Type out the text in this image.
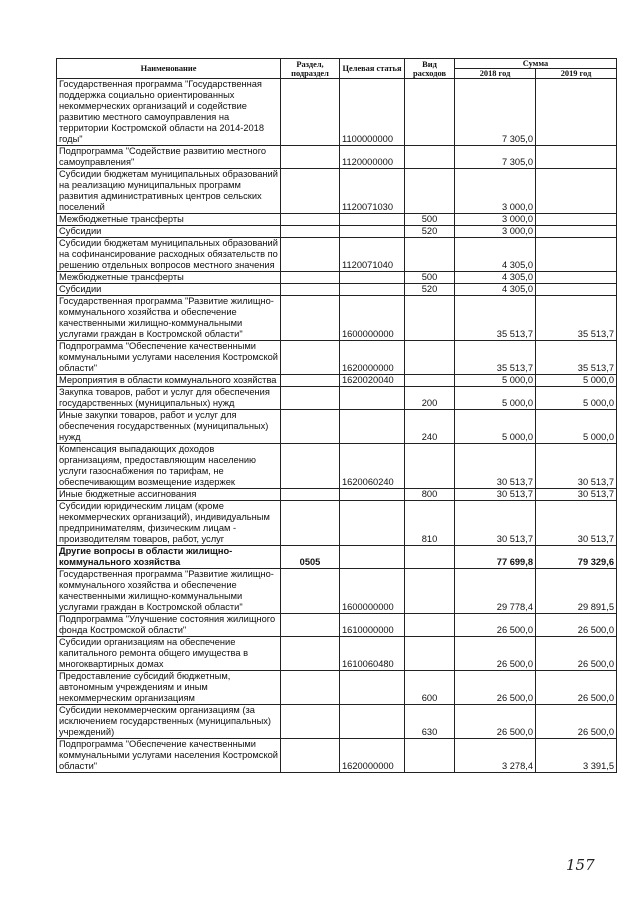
Наименование	Раздел, подраздел	Целевая статья	Вид расходов	Сумма	
				2018 год	2019 год
Государственная программа "Государственная поддержка социально ориентированных некоммерческих организаций и содействие развитию местного самоуправления на территории Костромской области на 2014-2018 годы"		1100000000		7 305,0	
Подпрограмма "Содействие развитию местного самоуправления"		1120000000		7 305,0	
Субсидии бюджетам муниципальных образований на реализацию муниципальных программ развития административных центров сельских поселений		1120071030		3 000,0	
Межбюджетные трансферты			500	3 000,0	
Субсидии			520	3 000,0	
Субсидии бюджетам муниципальных образований на софинансирование расходных обязательств по решению отдельных вопросов местного значения		1120071040		4 305,0	
Межбюджетные трансферты			500	4 305,0	
Субсидии			520	4 305,0	
Государственная программа "Развитие жилищно-коммунального хозяйства и обеспечение качественными жилищно-коммунальными услугами граждан в Костромской области"		1600000000		35 513,7	35 513,7
Подпрограмма "Обеспечение качественными коммунальными услугами населения Костромской области"		1620000000		35 513,7	35 513,7
Мероприятия в области коммунального хозяйства		1620020040		5 000,0	5 000,0
Закупка товаров, работ и услуг для обеспечения государственных (муниципальных) нужд			200	5 000,0	5 000,0
Иные закупки товаров, работ и услуг для обеспечения государственных (муниципальных) нужд			240	5 000,0	5 000,0
Компенсация выпадающих доходов организациям, предоставляющим населению услуги газоснабжения по тарифам, не обеспечивающим возмещение издержек		1620060240		30 513,7	30 513,7
Иные бюджетные ассигнования			800	30 513,7	30 513,7
Субсидии юридическим лицам (кроме некоммерческих организаций), индивидуальным предпринимателям, физическим лицам - производителям товаров, работ, услуг			810	30 513,7	30 513,7
Другие вопросы в области жилищно-коммунального хозяйства	0505			77 699,8	79 329,6
Государственная программа "Развитие жилищно-коммунального хозяйства и обеспечение качественными жилищно-коммунальными услугами граждан в Костромской области"		1600000000		29 778,4	29 891,5
Подпрограмма "Улучшение состояния жилищного фонда Костромской области"		1610000000		26 500,0	26 500,0
Субсидии организациям на обеспечение капитального ремонта общего имущества в многоквартирных домах		1610060480		26 500,0	26 500,0
Предоставление субсидий бюджетным, автономным учреждениям и иным некоммерческим организациям			600	26 500,0	26 500,0
Субсидии некоммерческим организациям (за исключением государственных (муниципальных) учреждений)			630	26 500,0	26 500,0
Подпрограмма "Обеспечение качественными коммунальными услугами населения Костромской области"		1620000000		3 278,4	3 391,5
157
